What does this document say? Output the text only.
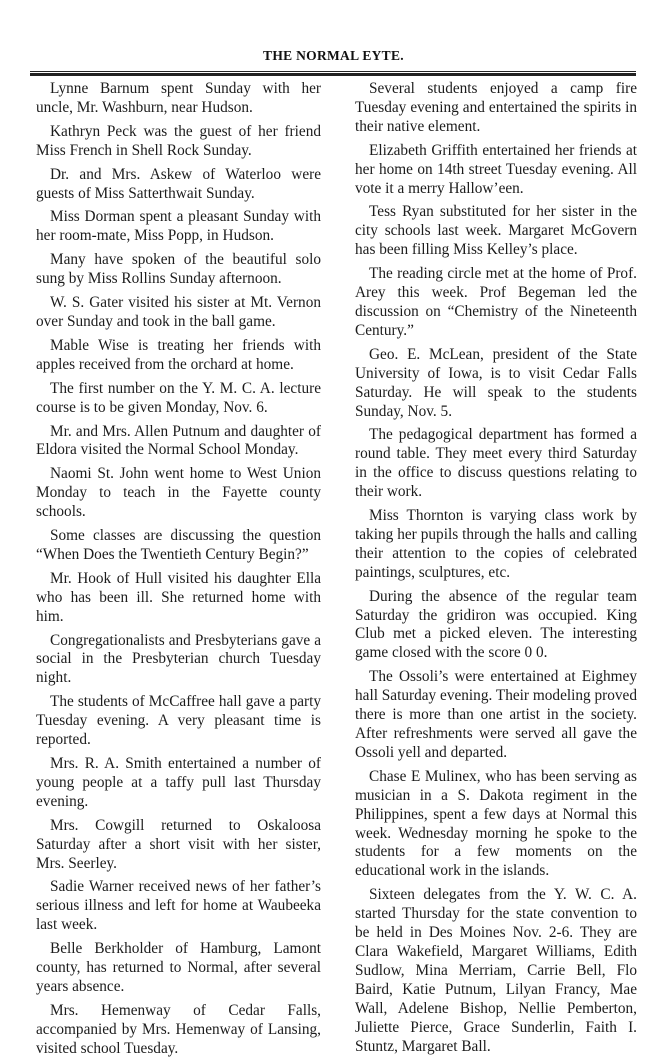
THE NORMAL EYTE.

Lynne Barnum spent Sunday with her uncle, Mr. Washburn, near Hudson.

Kathryn Peck was the guest of her friend Miss French in Shell Rock Sunday.

Dr. and Mrs. Askew of Waterloo were guests of Miss Satterthwait Sunday.

Miss Dorman spent a pleasant Sunday with her room-mate, Miss Popp, in Hudson.

Many have spoken of the beautiful solo sung by Miss Rollins Sunday afternoon.

W. S. Gater visited his sister at Mt. Vernon over Sunday and took in the ball game.

Mable Wise is treating her friends with apples received from the orchard at home.

The first number on the Y. M. C. A. lecture course is to be given Monday, Nov. 6.

Mr. and Mrs. Allen Putnum and daughter of Eldora visited the Normal School Monday.

Naomi St. John went home to West Union Monday to teach in the Fayette county schools.

Some classes are discussing the question “When Does the Twentieth Century Begin?”

Mr. Hook of Hull visited his daughter Ella who has been ill. She returned home with him.

Congregationalists and Presbyterians gave a social in the Presbyterian church Tuesday night.

The students of McCaffree hall gave a party Tuesday evening. A very pleasant time is reported.

Mrs. R. A. Smith entertained a number of young people at a taffy pull last Thursday evening.

Mrs. Cowgill returned to Oskaloosa Saturday after a short visit with her sister, Mrs. Seerley.

Sadie Warner received news of her father’s serious illness and left for home at Waubeeka last week.

Belle Berkholder of Hamburg, Lamont county, has returned to Normal, after several years absence.

Mrs. Hemenway of Cedar Falls, accompanied by Mrs. Hemenway of Lansing, visited school Tuesday.

Several students enjoyed a camp fire Tuesday evening and entertained the spirits in their native element.

Elizabeth Griffith entertained her friends at her home on 14th street Tuesday evening. All vote it a merry Hallow’een.

Tess Ryan substituted for her sister in the city schools last week. Margaret McGovern has been filling Miss Kelley’s place.

The reading circle met at the home of Prof. Arey this week. Prof Begeman led the discussion on “Chemistry of the Nineteenth Century.”

Geo. E. McLean, president of the State University of Iowa, is to visit Cedar Falls Saturday. He will speak to the students Sunday, Nov. 5.

The pedagogical department has formed a round table. They meet every third Saturday in the office to discuss questions relating to their work.

Miss Thornton is varying class work by taking her pupils through the halls and calling their attention to the copies of celebrated paintings, sculptures, etc.

During the absence of the regular team Saturday the gridiron was occupied. King Club met a picked eleven. The interesting game closed with the score 0 0.

The Ossoli’s were entertained at Eighmey hall Saturday evening. Their modeling proved there is more than one artist in the society. After refreshments were served all gave the Ossoli yell and departed.

Chase E Mulinex, who has been serving as musician in a S. Dakota regiment in the Philippines, spent a few days at Normal this week. Wednesday morning he spoke to the students for a few moments on the educational work in the islands.

Sixteen delegates from the Y. W. C. A. started Thursday for the state convention to be held in Des Moines Nov. 2-6. They are Clara Wakefield, Margaret Williams, Edith Sudlow, Mina Merriam, Carrie Bell, Flo Baird, Katie Putnum, Lilyan Francy, Mae Wall, Adelene Bishop, Nellie Pemberton, Juliette Pierce, Grace Sunderlin, Faith I. Stuntz, Margaret Ball.
